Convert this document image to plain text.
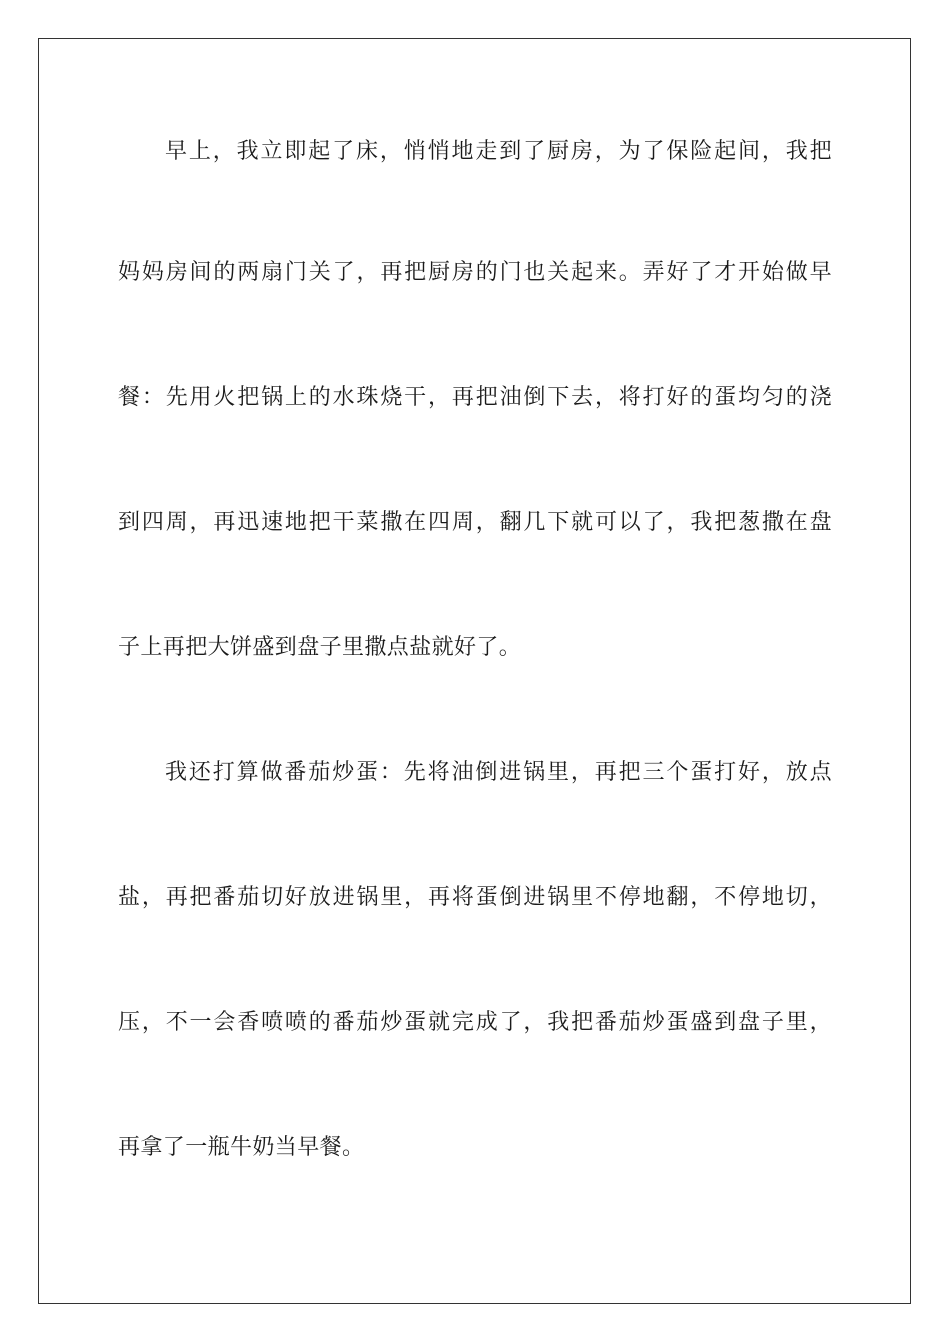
早上，我立即起了床，悄悄地走到了厨房，为了保险起间，我把
妈妈房间的两扇门关了，再把厨房的门也关起来。弄好了才开始做早
餐：先用火把锅上的水珠烧干，再把油倒下去，将打好的蛋均匀的浇
到四周，再迅速地把干菜撒在四周，翻几下就可以了，我把葱撒在盘
子上再把大饼盛到盘子里撒点盐就好了。
我还打算做番茄炒蛋：先将油倒进锅里，再把三个蛋打好，放点
盐，再把番茄切好放进锅里，再将蛋倒进锅里不停地翻，不停地切，
压，不一会香喷喷的番茄炒蛋就完成了，我把番茄炒蛋盛到盘子里，
再拿了一瓶牛奶当早餐。
